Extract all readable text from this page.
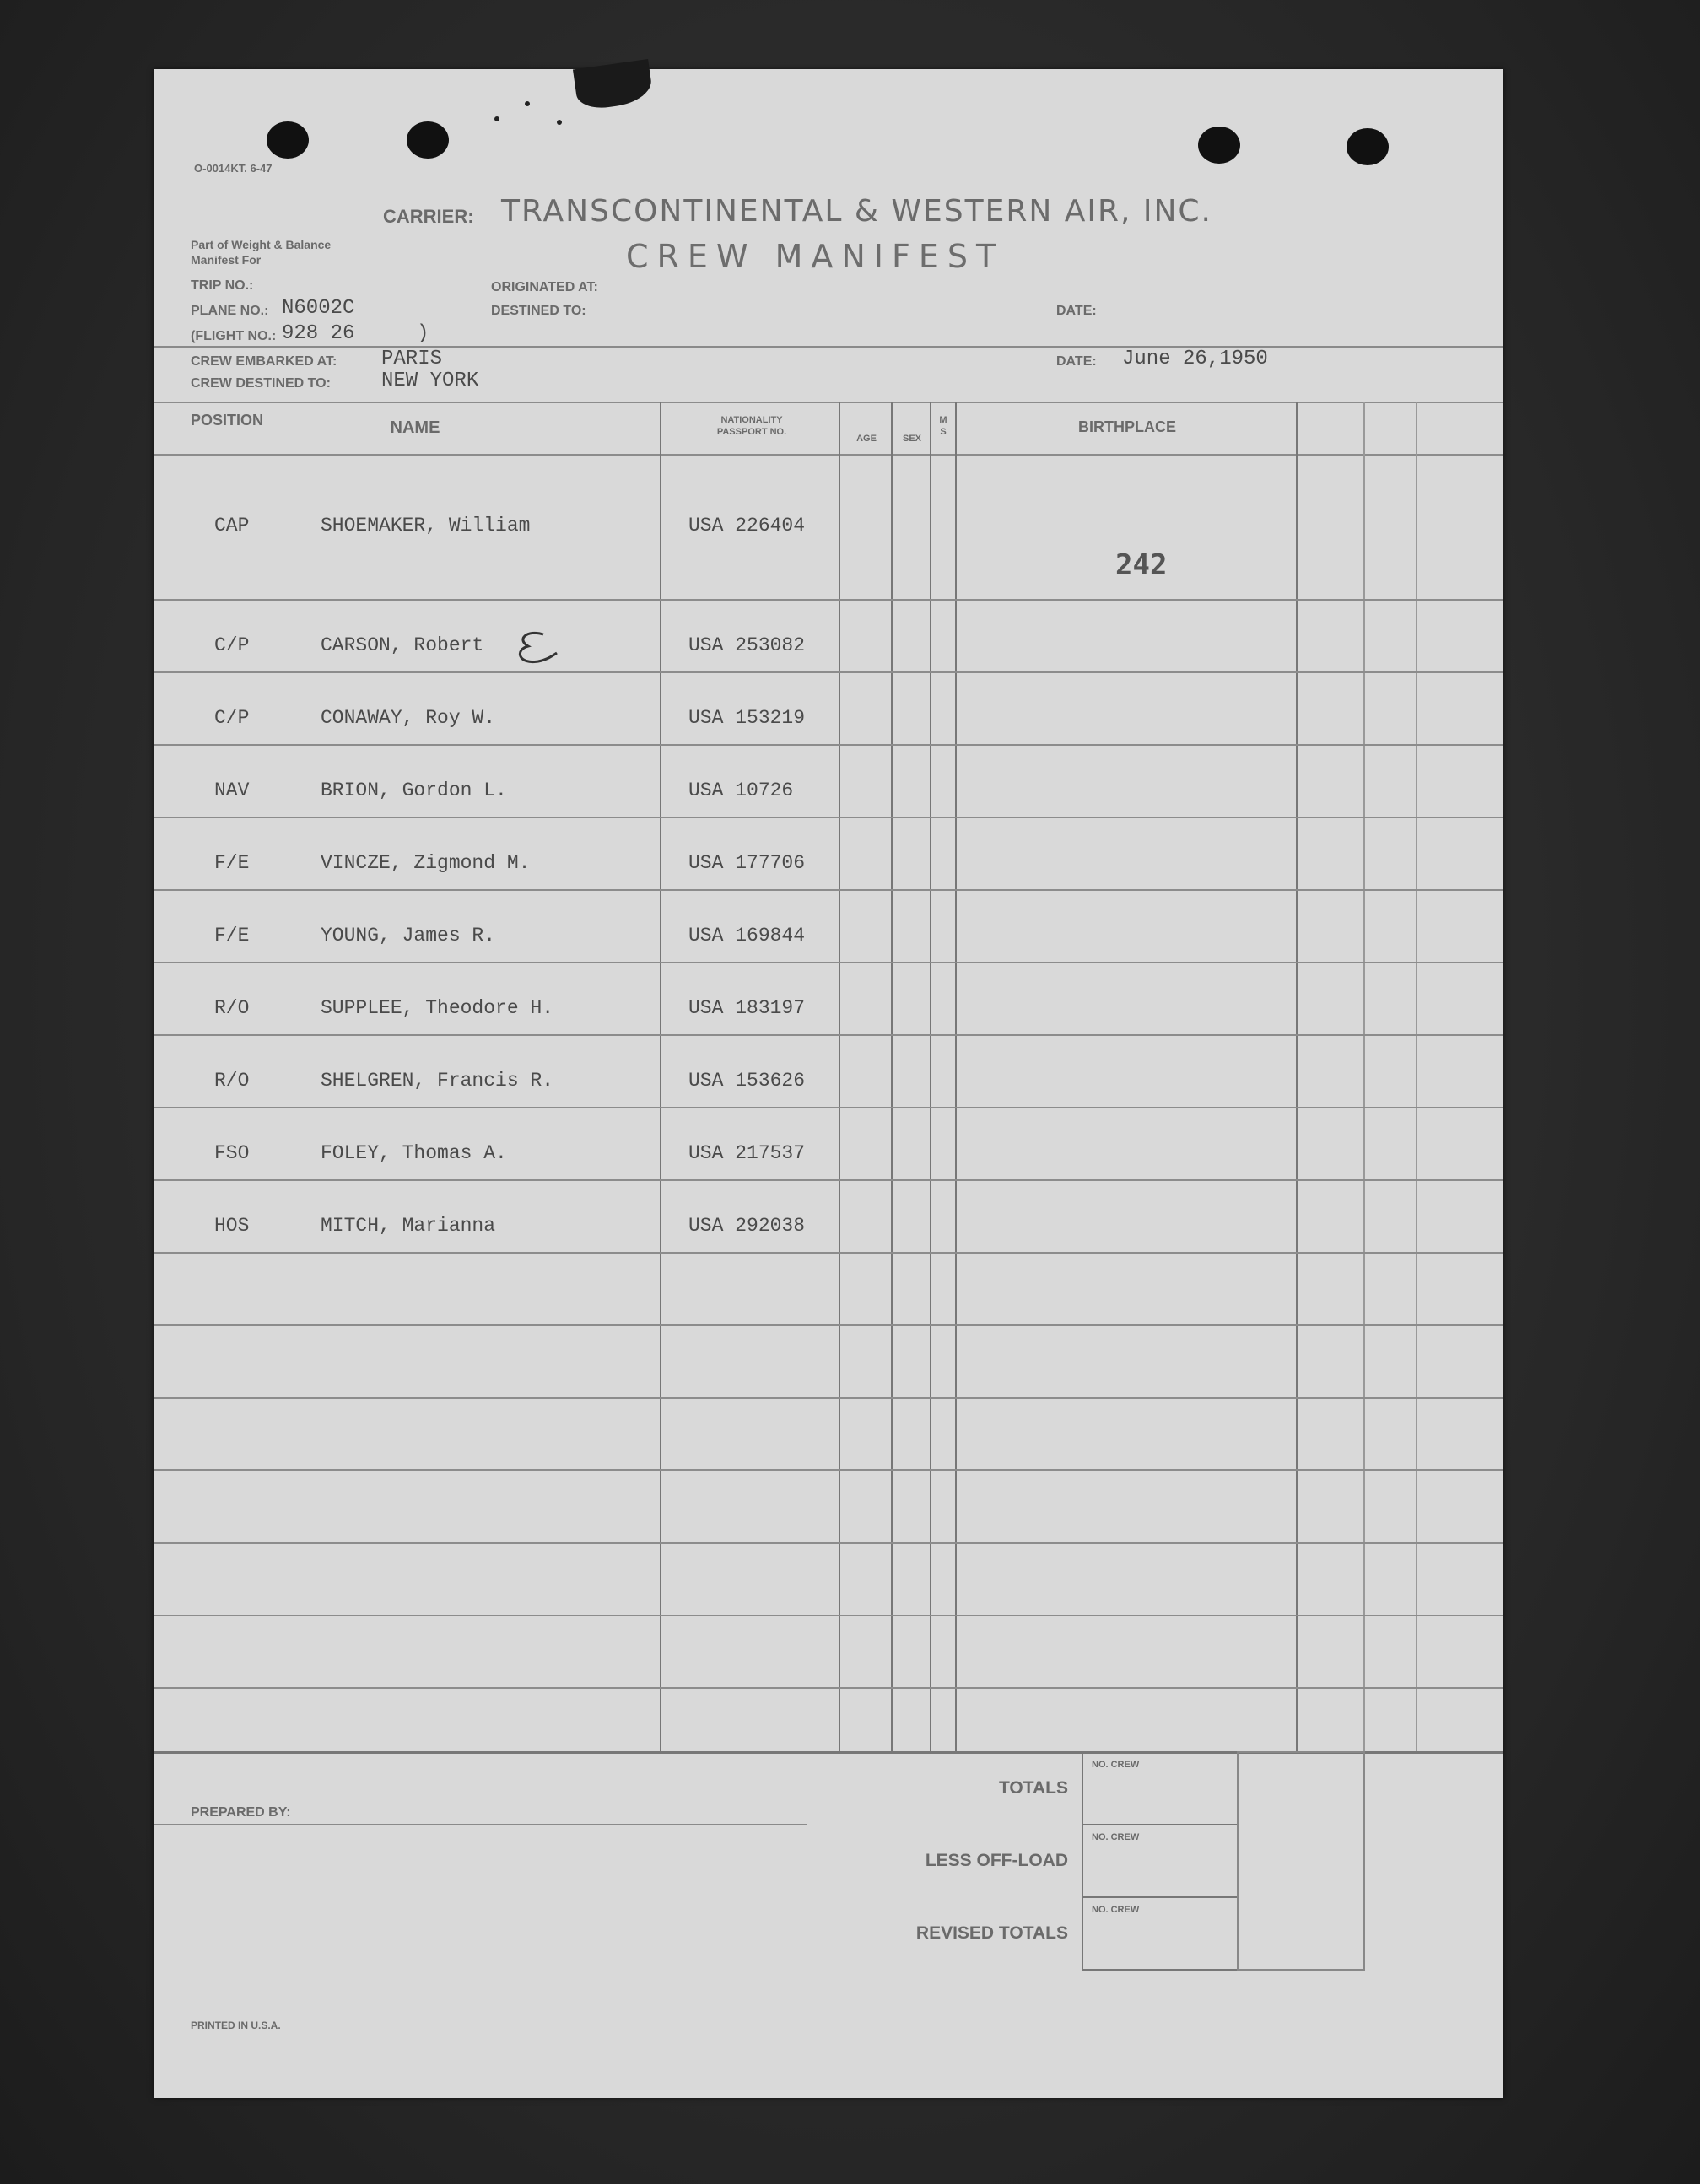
O-0014KT. 6-47
CARRIER: TRANSCONTINENTAL & WESTERN AIR, INC.
Part of Weight & Balance
Manifest For	CREW MANIFEST
TRIP NO.:
PLANE NO.: N6002C
(FLIGHT NO.: 928 26	)
ORIGINATED AT:
DESTINED TO:	DATE:
CREW EMBARKED AT: PARIS
CREW DESTINED TO:	NEW YORK
DATE: June 26,1950
POSITION	NAME	NATIONALITY
PASSPORT NO.
AGE	SEX
M
S	BIRTHPLACE
CAP	SHOEMAKER, William	USA 226404
C/P	CARSON, Robert	USA 253082
C/P	CONAWAY, Roy W.	USA 153219
NAV	BRION, Gordon L.	USA 10726
F/E	VINCZE, Zigmond M.	USA 177706
F/E	YOUNG, James R.	USA 169844
R/O	SUPPLEE, Theodore H.	USA 183197
R/O	SHELGREN, Francis R.	USA 153626
FSO	FOLEY, Thomas A.	USA 217537
HOS	MITCH, Marianna	USA 292038
242
PREPARED BY:
TOTALS
LESS OFF-LOAD
REVISED TOTALS
NO. CREW
NO. CREW
NO. CREW
PRINTED IN U.S.A.
